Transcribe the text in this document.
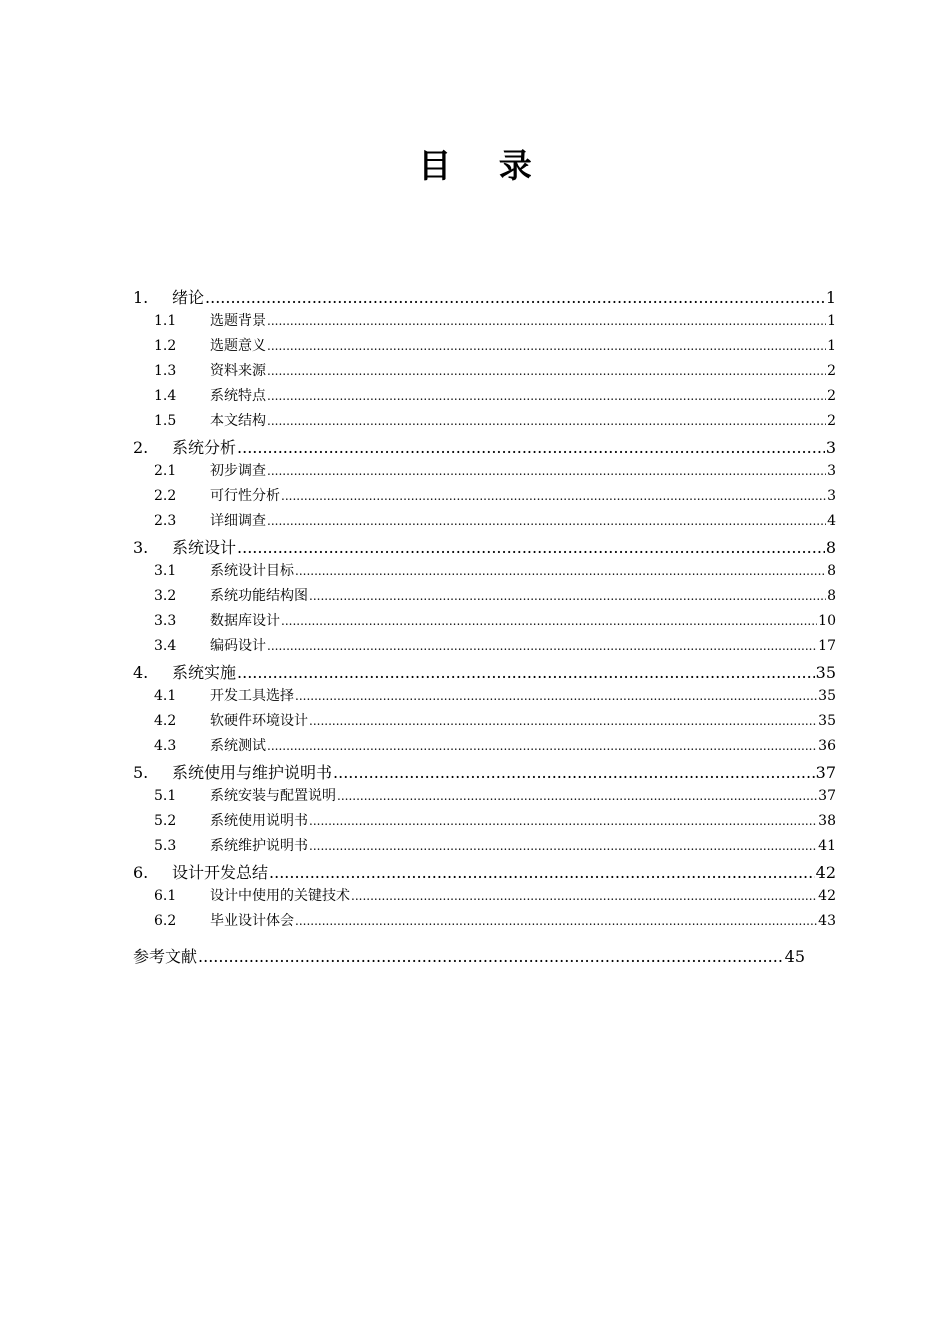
目 录
1.	绪论 .....	1
1.1	选题背景 .....	1
1.2	选题意义 .....	1
1.3	资料来源 .....	2
1.4	系统特点 .....	2
1.5	本文结构 .....	2
2.	系统分析 .....	3
2.1	初步调查 .....	3
2.2	可行性分析 .....	3
2.3	详细调查 .....	4
3.	系统设计 .....	8
3.1	系统设计目标 .....	8
3.2	系统功能结构图 .....	8
3.3	数据库设计 .....	10
3.4	编码设计 .....	17
4.	系统实施 .....	35
4.1	开发工具选择 .....	35
4.2	软硬件环境设计 .....	35
4.3	系统测试 .....	36
5.	系统使用与维护说明书 .....	37
5.1	系统安装与配置说明 .....	37
5.2	系统使用说明书 .....	38
5.3	系统维护说明书 .....	41
6.	设计开发总结 .....	42
6.1	设计中使用的关键技术 .....	42
6.2	毕业设计体会 .....	43
参考文献 .....	45
